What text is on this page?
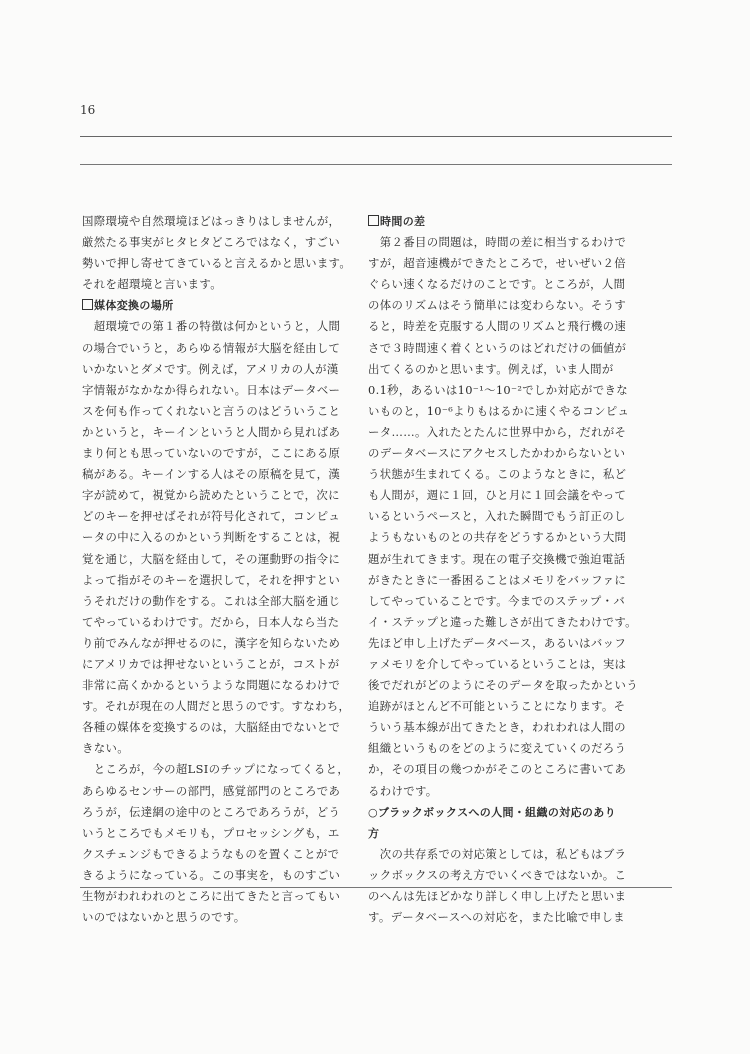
16
国際環境や自然環境ほどはっきりはしませんが，
厳然たる事実がヒタヒタどころではなく，すごい
勢いで押し寄せてきていると言えるかと思います。
それを超環境と言います。
媒体変換の場所
　超環境での第１番の特徴は何かというと，人間
の場合でいうと，あらゆる情報が大脳を経由して
いかないとダメです。例えば，アメリカの人が漢
字情報がなかなか得られない。日本はデータベー
スを何も作ってくれないと言うのはどういうこと
かというと，キーインというと人間から見ればあ
まり何とも思っていないのですが，ここにある原
稿がある。キーインする人はその原稿を見て，漢
字が読めて，視覚から読めたということで，次に
どのキーを押せばそれが符号化されて，コンピュ
ータの中に入るのかという判断をすることは，視
覚を通じ，大脳を経由して，その運動野の指令に
よって指がそのキーを選択して，それを押すとい
うそれだけの動作をする。これは全部大脳を通じ
てやっているわけです。だから，日本人なら当た
り前でみんなが押せるのに，漢字を知らないため
にアメリカでは押せないということが，コストが
非常に高くかかるというような問題になるわけで
す。それが現在の人間だと思うのです。すなわち，
各種の媒体を変換するのは，大脳経由でないとで
きない。
　ところが，今の超LSIのチップになってくると，
あらゆるセンサーの部門，感覚部門のところであ
ろうが，伝達網の途中のところであろうが，どう
いうところでもメモリも，プロセッシングも，エ
クスチェンジもできるようなものを置くことがで
きるようになっている。この事実を，ものすごい
生物がわれわれのところに出てきたと言ってもい
いのではないかと思うのです。
時間の差
　第２番目の問題は，時間の差に相当するわけで
すが，超音速機ができたところで，せいぜい２倍
ぐらい速くなるだけのことです。ところが，人間
の体のリズムはそう簡単には変わらない。そうす
ると，時差を克服する人間のリズムと飛行機の速
さで３時間速く着くというのはどれだけの価値が
出てくるのかと思います。例えば，いま人間が
0.1秒，あるいは10⁻¹～10⁻²でしか対応ができな
いものと，10⁻⁶よりもはるかに速くやるコンピュ
ータ……。入れたとたんに世界中から，だれがそ
のデータベースにアクセスしたかわからないとい
う状態が生まれてくる。このようなときに，私ど
も人間が，週に１回，ひと月に１回会議をやって
いるというペースと，入れた瞬間でもう訂正のし
ようもないものとの共存をどうするかという大問
題が生れてきます。現在の電子交換機で強迫電話
がきたときに一番困ることはメモリをバッファに
してやっていることです。今までのステップ・バ
イ・ステップと違った難しさが出てきたわけです。
先ほど申し上げたデータベース，あるいはバッフ
ァメモリを介してやっているということは，実は
後でだれがどのようにそのデータを取ったかという
追跡がほとんど不可能ということになります。そ
ういう基本線が出てきたとき，われわれは人間の
組織というものをどのように変えていくのだろう
か，その項目の幾つかがそこのところに書いてあ
るわけです。
○ブラックボックスへの人間・組織の対応のあり
方
　次の共存系での対応策としては，私どもはブラ
ックボックスの考え方でいくべきではないか。こ
のへんは先ほどかなり詳しく申し上げたと思いま
す。データベースへの対応を，また比喩で申しま
